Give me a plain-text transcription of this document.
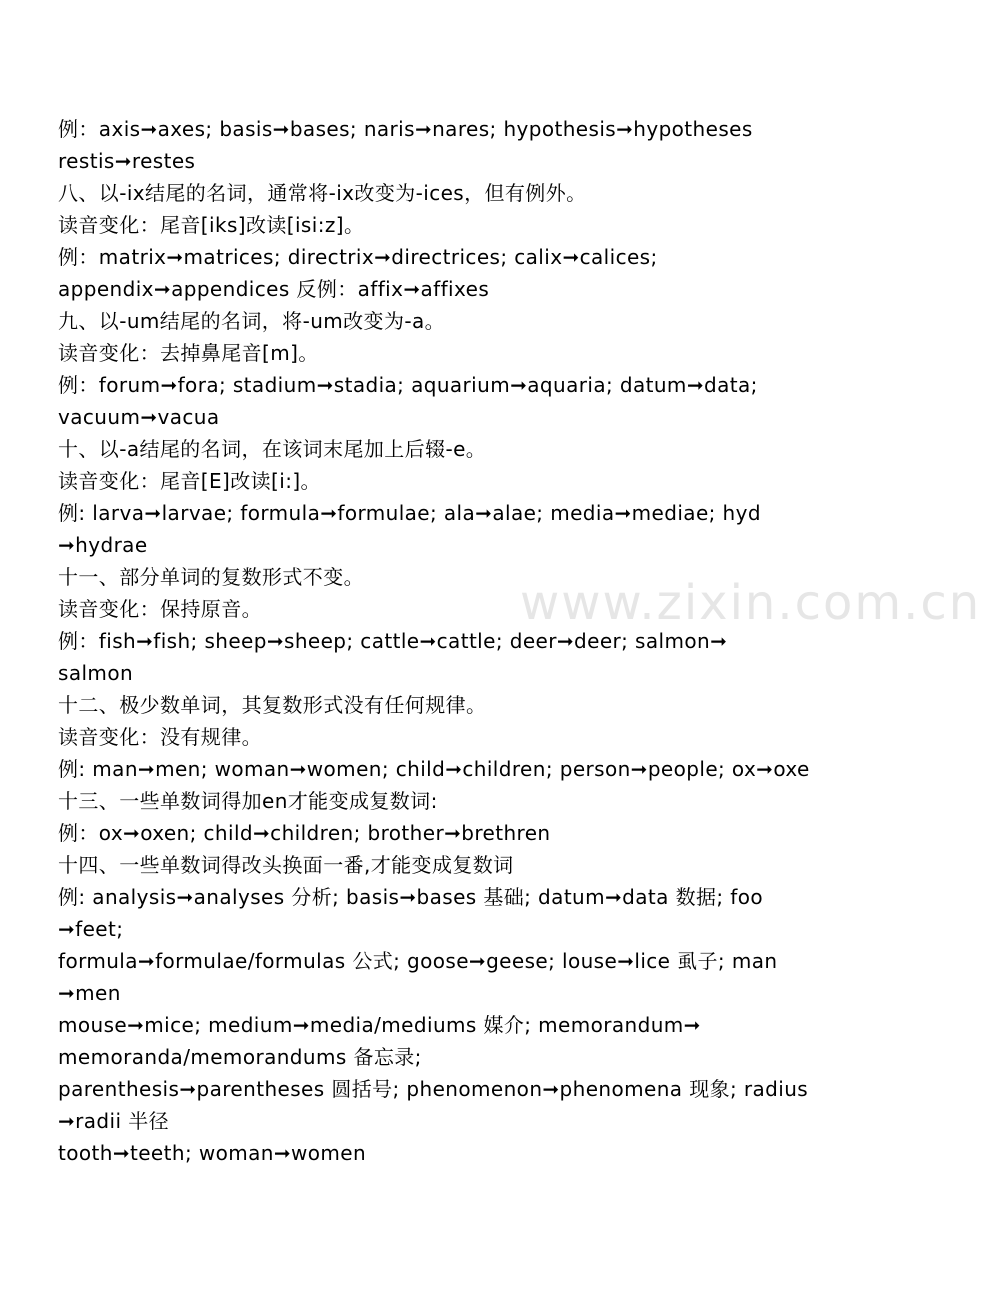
www.zixin.com.cn
例：axis➞axes; basis➞bases; naris➞nares; hypothesis➞hypotheses
restis➞restes
八、以-ix结尾的名词，通常将-ix改变为-ices，但有例外。
读音变化：尾音[iks]改读[isi:z]。
例：matrix➞matrices; directrix➞directrices; calix➞calices;
appendix➞appendices 反例：affix➞affixes
九、以-um结尾的名词，将-um改变为-a。
读音变化：去掉鼻尾音[m]。
例：forum➞fora; stadium➞stadia; aquarium➞aquaria; datum➞data;
vacuum➞vacua
十、以-a结尾的名词，在该词末尾加上后辍-e。
读音变化：尾音[E]改读[i:]。
例: larva➞larvae; formula➞formulae; ala➞alae; media➞mediae; hyd
➞hydrae
十一、部分单词的复数形式不变。
读音变化：保持原音。
例：fish➞fish; sheep➞sheep; cattle➞cattle; deer➞deer; salmon➞
salmon
十二、极少数单词，其复数形式没有任何规律。
读音变化：没有规律。
例: man➞men; woman➞women; child➞children; person➞people; ox➞oxe
十三、一些单数词得加en才能变成复数词:
例：ox➞oxen; child➞children; brother➞brethren
十四、一些单数词得改头换面一番,才能变成复数词
例: analysis➞analyses 分析; basis➞bases 基础; datum➞data 数据; foo
➞feet;
formula➞formulae/formulas 公式; goose➞geese; louse➞lice 虱子; man
➞men
mouse➞mice; medium➞media/mediums 媒介; memorandum➞
memoranda/memorandums 备忘录;
parenthesis➞parentheses 圆括号; phenomenon➞phenomena 现象; radius
➞radii 半径
tooth➞teeth; woman➞women
